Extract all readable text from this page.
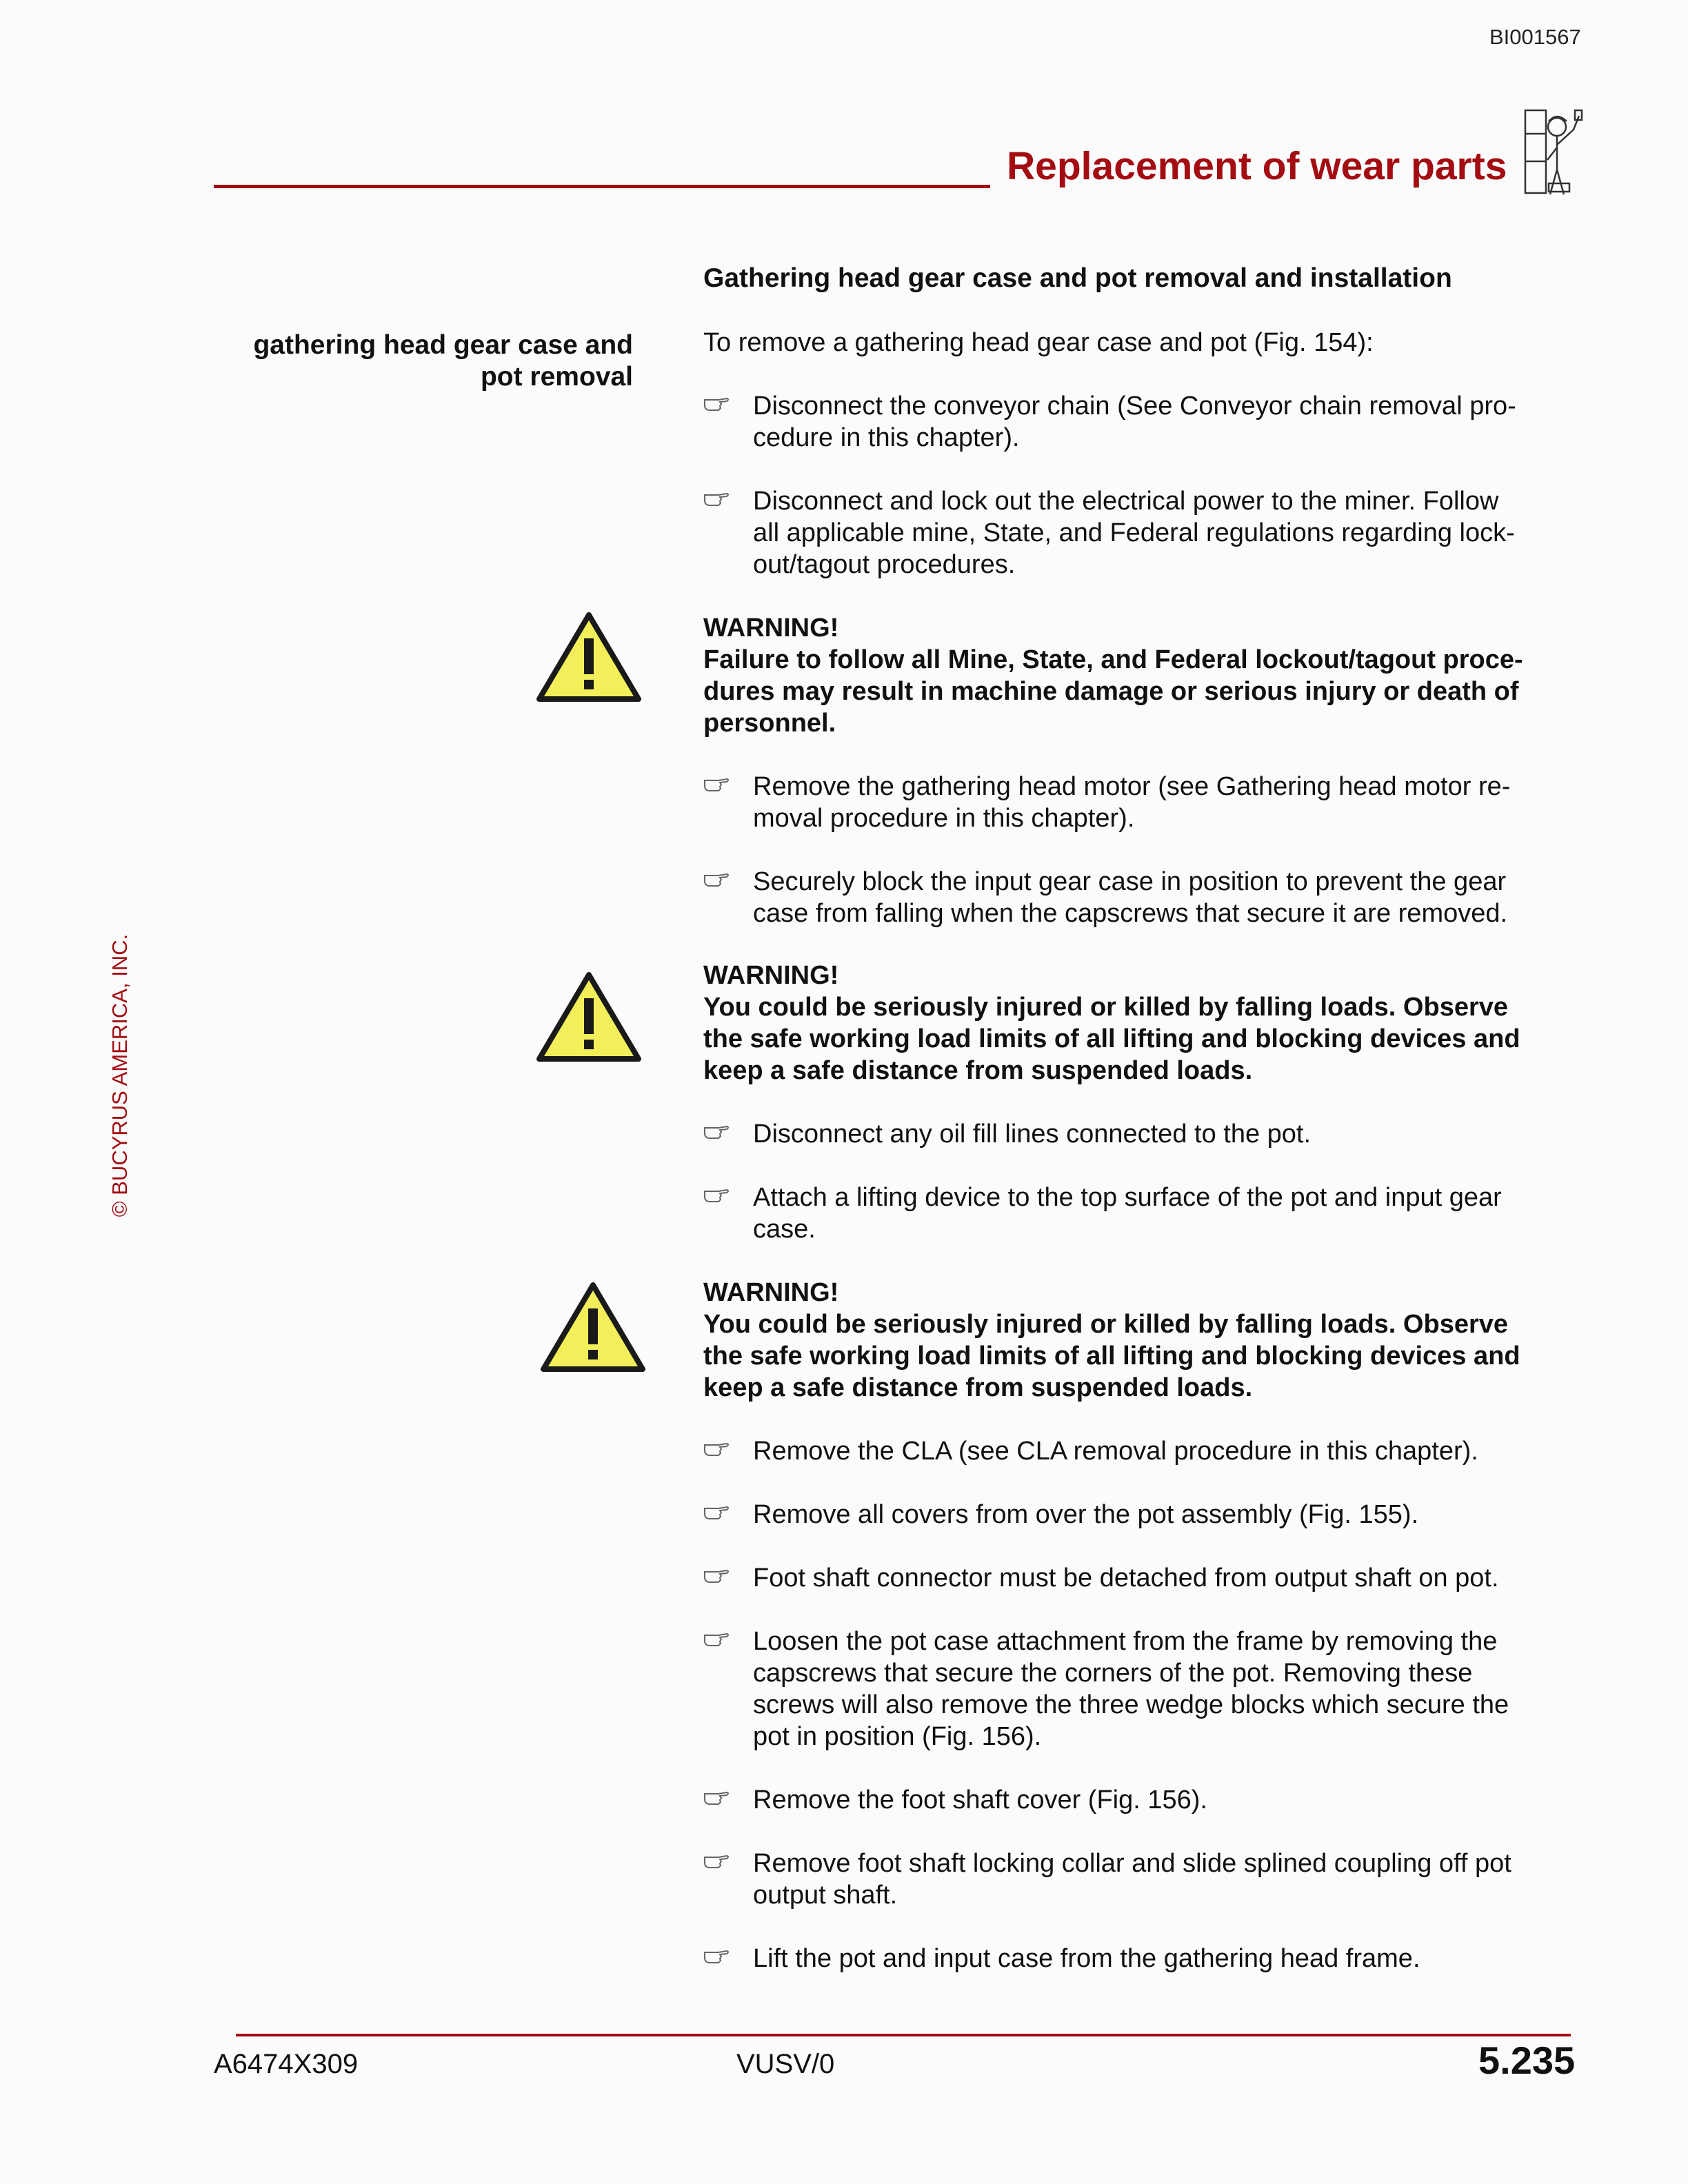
BI001567
Replacement of wear parts
© BUCYRUS AMERICA, INC.
gathering head gear case and
pot removal
Gathering head gear case and pot removal and installation
To remove a gathering head gear case and pot (Fig. 154):
Disconnect the conveyor chain (See Conveyor chain removal pro-
cedure in this chapter).
Disconnect and lock out the electrical power to the miner. Follow
all applicable mine, State, and Federal regulations regarding lock-
out/tagout procedures.
WARNING!
Failure to follow all Mine, State, and Federal lockout/tagout proce-
dures may result in machine damage or serious injury or death of
personnel.
Remove the gathering head motor (see Gathering head motor re-
moval procedure in this chapter).
Securely block the input gear case in position to prevent the gear
case from falling when the capscrews that secure it are removed.
WARNING!
You could be seriously injured or killed by falling loads. Observe
the safe working load limits of all lifting and blocking devices and
keep a safe distance from suspended loads.
Disconnect any oil fill lines connected to the pot.
Attach a lifting device to the top surface of the pot and input gear
case.
WARNING!
You could be seriously injured or killed by falling loads. Observe
the safe working load limits of all lifting and blocking devices and
keep a safe distance from suspended loads.
Remove the CLA (see CLA removal procedure in this chapter).
Remove all covers from over the pot assembly (Fig. 155).
Foot shaft connector must be detached from output shaft on pot.
Loosen the pot case attachment from the frame by removing the
capscrews that secure the corners of the pot. Removing these
screws will also remove the three wedge blocks which secure the
pot in position (Fig. 156).
Remove the foot shaft cover (Fig. 156).
Remove foot shaft locking collar and slide splined coupling off pot
output shaft.
Lift the pot and input case from the gathering head frame.
A6474X309	VUSV/0	5.235
